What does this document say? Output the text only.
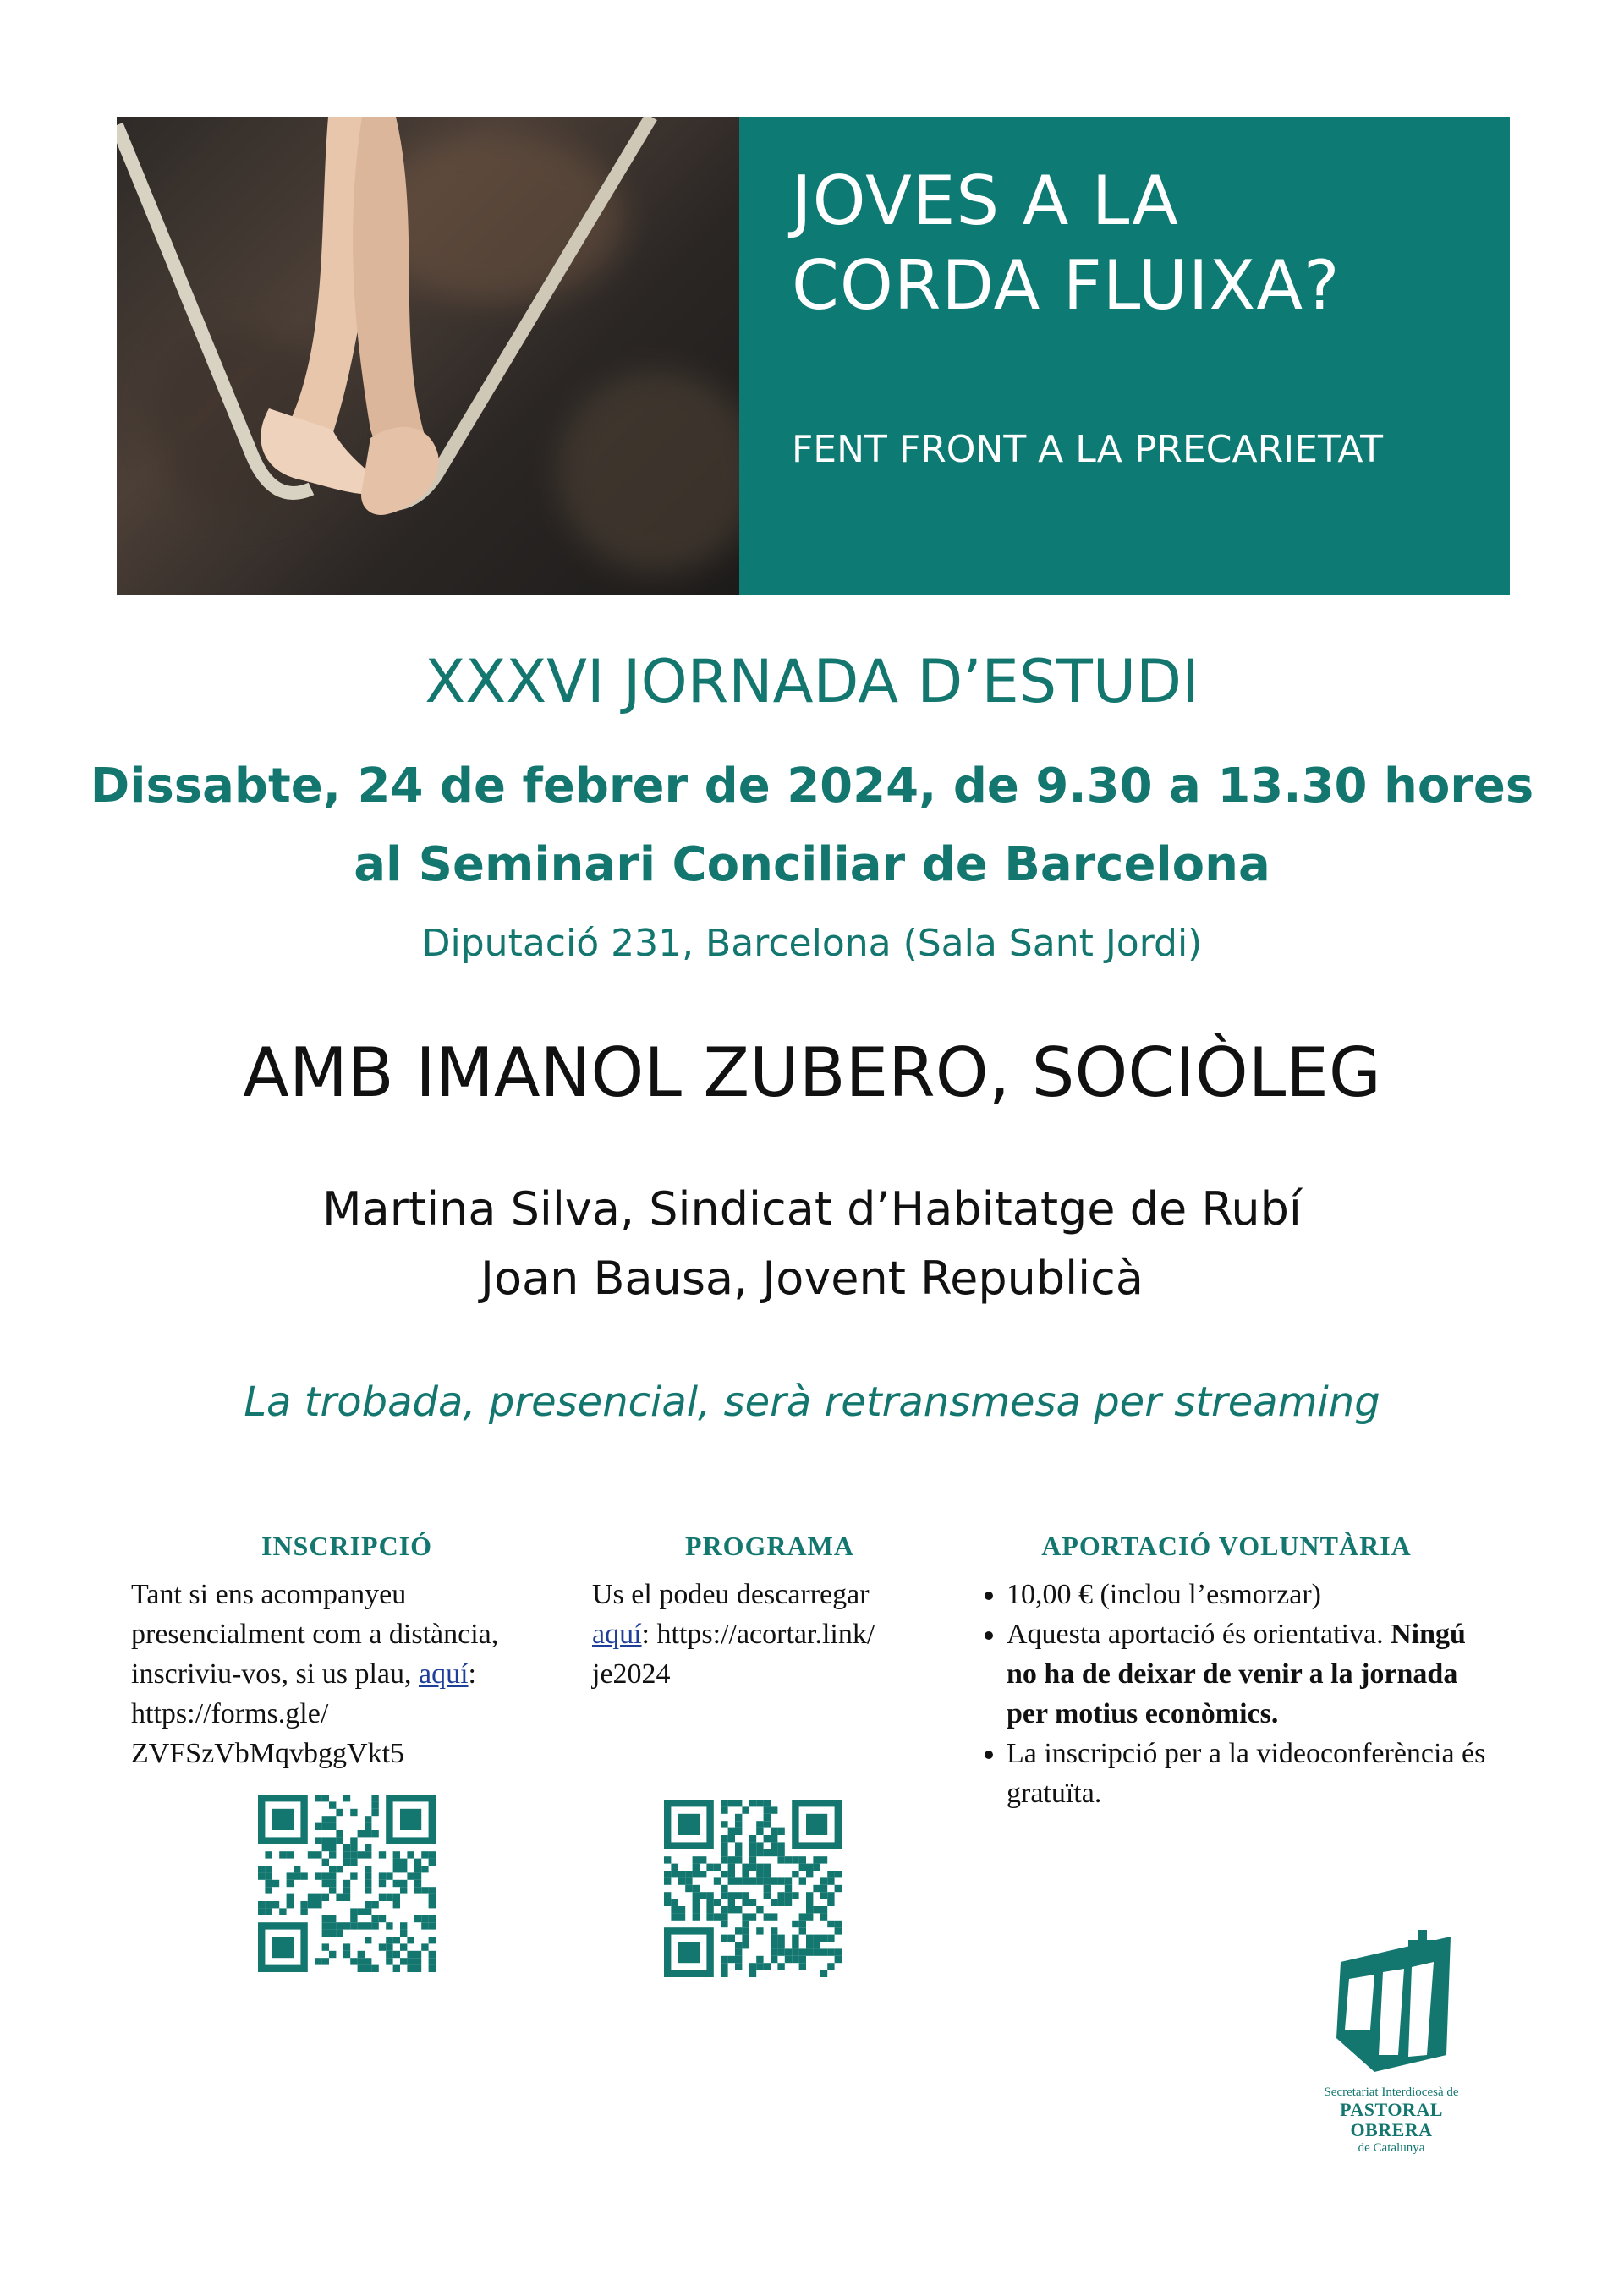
JOVES A LA
CORDA FLUIXA?
FENT FRONT A LA PRECARIETAT
XXXVI JORNADA D’ESTUDI
Dissabte, 24 de febrer de 2024, de 9.30 a 13.30 hores
al Seminari Conciliar de Barcelona
Diputació 231, Barcelona (Sala Sant Jordi)
AMB IMANOL ZUBERO, SOCIÒLEG
Martina Silva, Sindicat d’Habitatge de Rubí
Joan Bausa, Jovent Republicà
La trobada, presencial, serà retransmesa per streaming
INSCRIPCIÓ

Tant si ens acompanyeu presencialment com a distància, inscriviu-vos, si us plau, aquí:
https://forms.gle/
ZVFSzVbMqvbggVkt5

PROGRAMA

Us el podeu descarregar
aquí: https://acortar.link/
je2024

APORTACIÓ VOLUNTÀRIA
• 10,00 € (inclou l’esmorzar)
• Aquesta aportació és orientativa. Ningú no ha de deixar de venir a la jornada per motius econòmics.
• La inscripció per a la videoconferència és gratuïta.
Secretariat Interdiocesà de
PASTORAL OBRERA
de Catalunya
